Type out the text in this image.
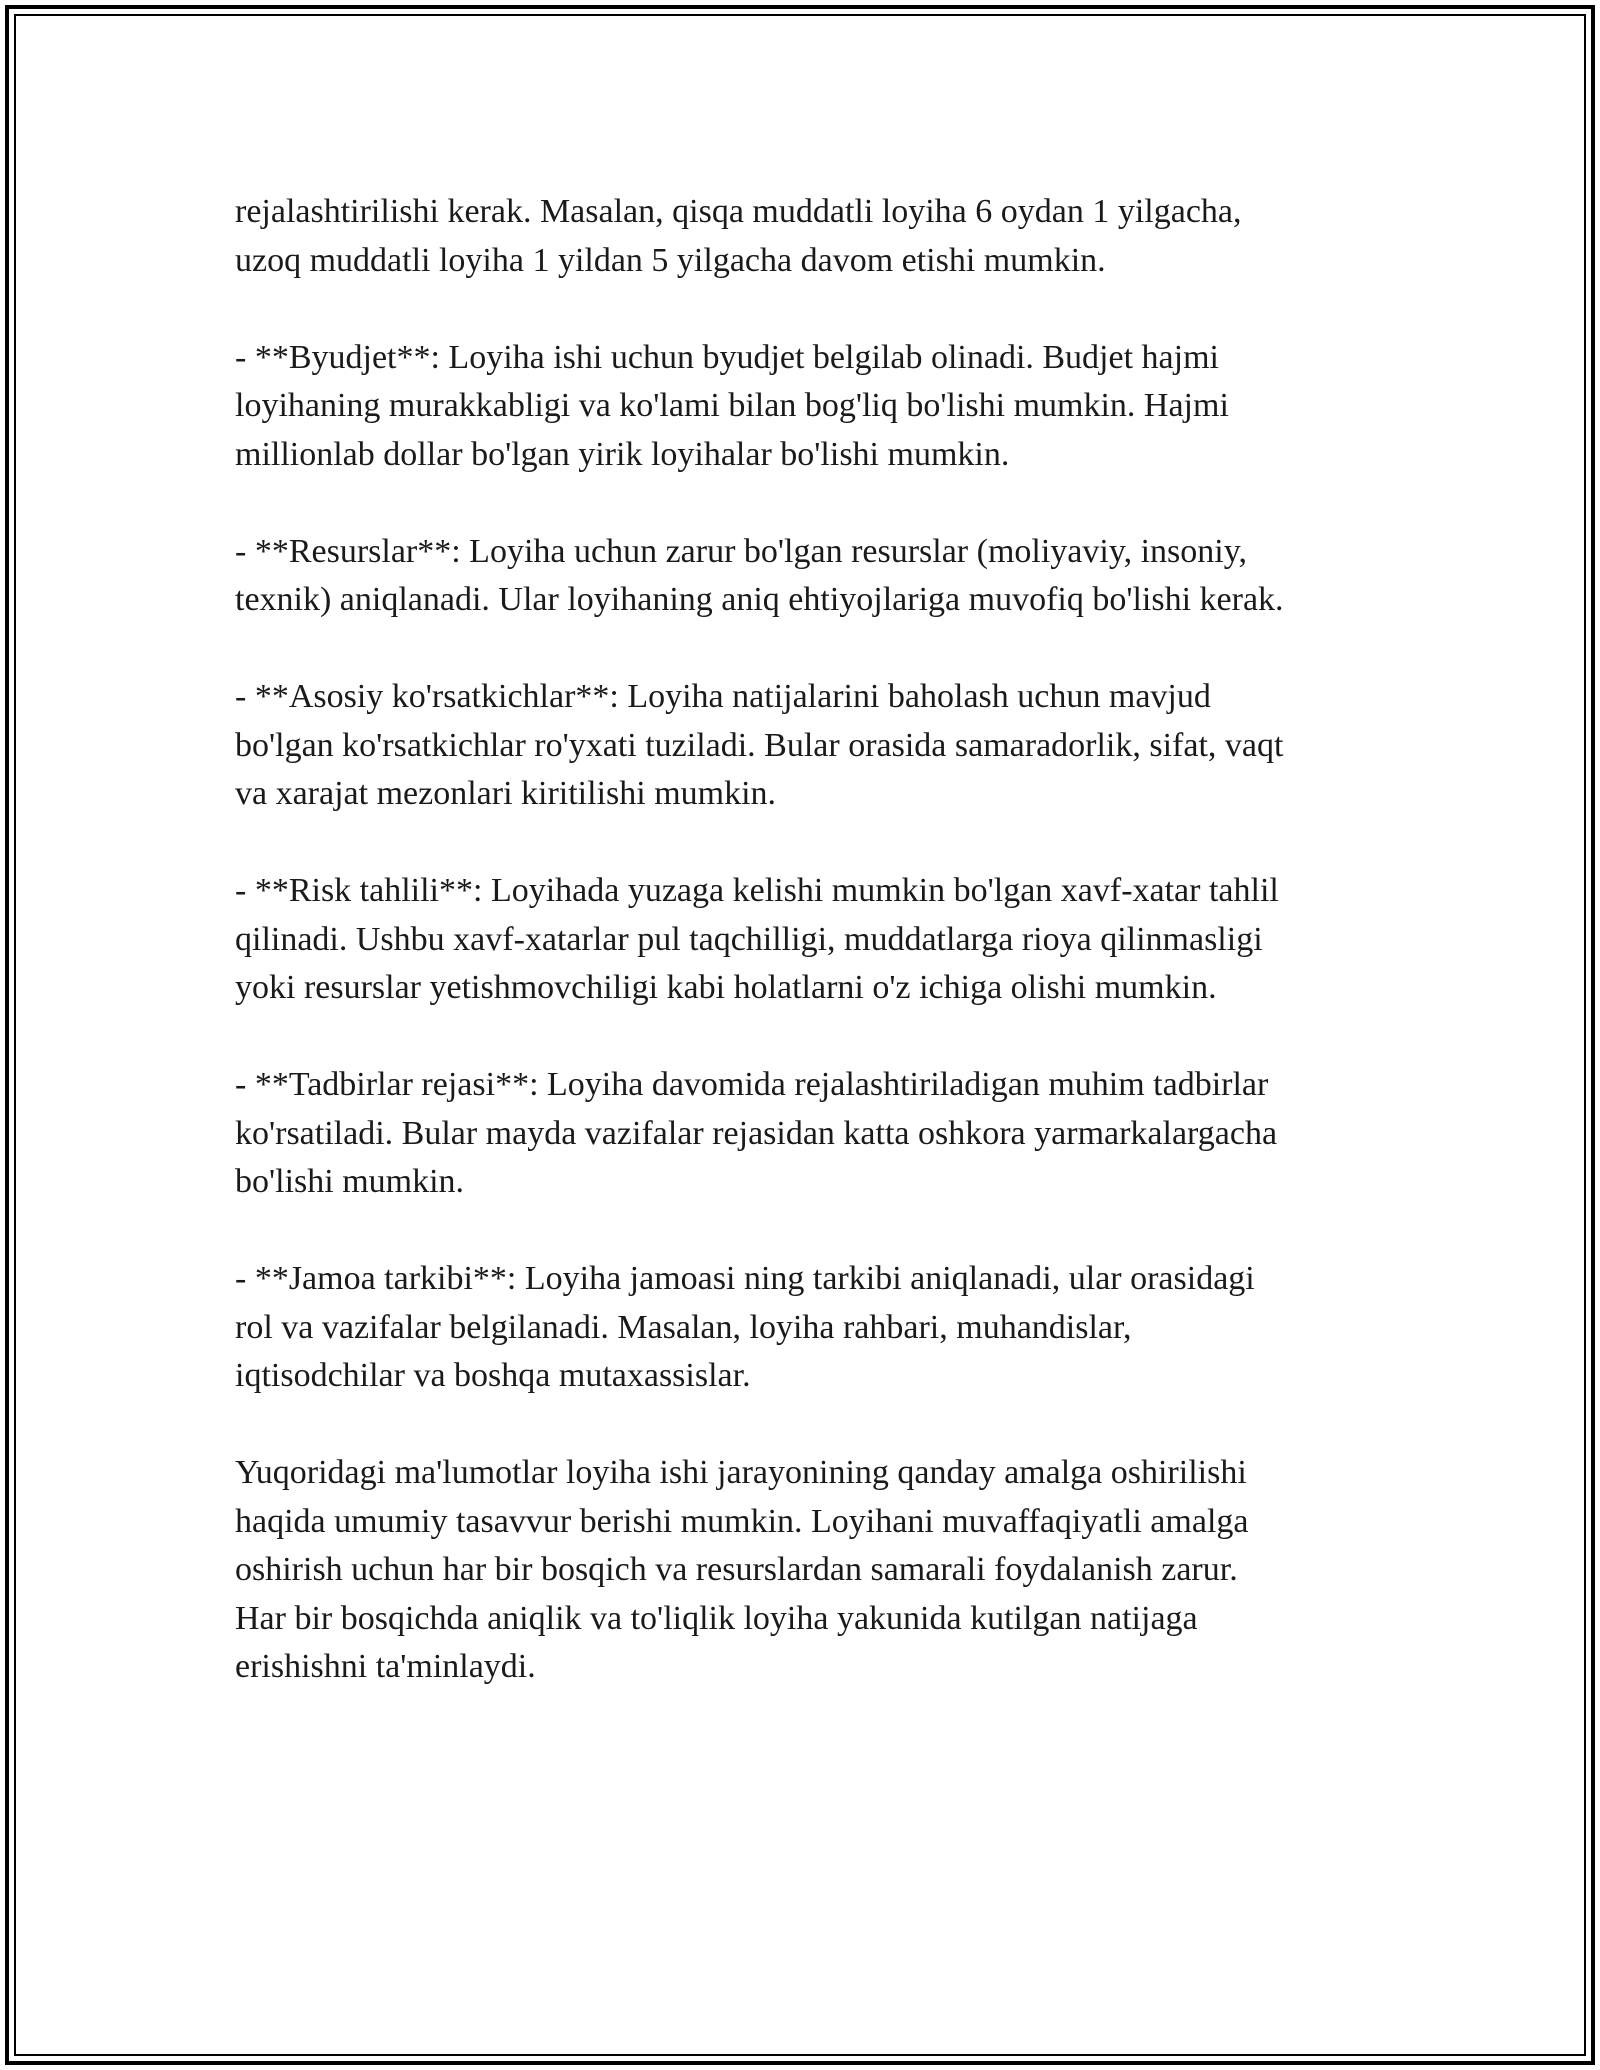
rejalashtirilishi kerak. Masalan, qisqa muddatli loyiha 6 oydan 1 yilgacha,
uzoq muddatli loyiha 1 yildan 5 yilgacha davom etishi mumkin.

- **Byudjet**: Loyiha ishi uchun byudjet belgilab olinadi. Budjet hajmi
loyihaning murakkabligi va ko'lami bilan bog'liq bo'lishi mumkin. Hajmi
millionlab dollar bo'lgan yirik loyihalar bo'lishi mumkin.

- **Resurslar**: Loyiha uchun zarur bo'lgan resurslar (moliyaviy, insoniy,
texnik) aniqlanadi. Ular loyihaning aniq ehtiyojlariga muvofiq bo'lishi kerak.

- **Asosiy ko'rsatkichlar**: Loyiha natijalarini baholash uchun mavjud
bo'lgan ko'rsatkichlar ro'yxati tuziladi. Bular orasida samaradorlik, sifat, vaqt
va xarajat mezonlari kiritilishi mumkin.

- **Risk tahlili**: Loyihada yuzaga kelishi mumkin bo'lgan xavf-xatar tahlil
qilinadi. Ushbu xavf-xatarlar pul taqchilligi, muddatlarga rioya qilinmasligi
yoki resurslar yetishmovchiligi kabi holatlarni o'z ichiga olishi mumkin.

- **Tadbirlar rejasi**: Loyiha davomida rejalashtiriladigan muhim tadbirlar
ko'rsatiladi. Bular mayda vazifalar rejasidan katta oshkora yarmarkalargacha
bo'lishi mumkin.

- **Jamoa tarkibi**: Loyiha jamoasi ning tarkibi aniqlanadi, ular orasidagi
rol va vazifalar belgilanadi. Masalan, loyiha rahbari, muhandislar,
iqtisodchilar va boshqa mutaxassislar.

Yuqoridagi ma'lumotlar loyiha ishi jarayonining qanday amalga oshirilishi
haqida umumiy tasavvur berishi mumkin. Loyihani muvaffaqiyatli amalga
oshirish uchun har bir bosqich va resurslardan samarali foydalanish zarur.
Har bir bosqichda aniqlik va to'liqlik loyiha yakunida kutilgan natijaga
erishishni ta'minlaydi.
